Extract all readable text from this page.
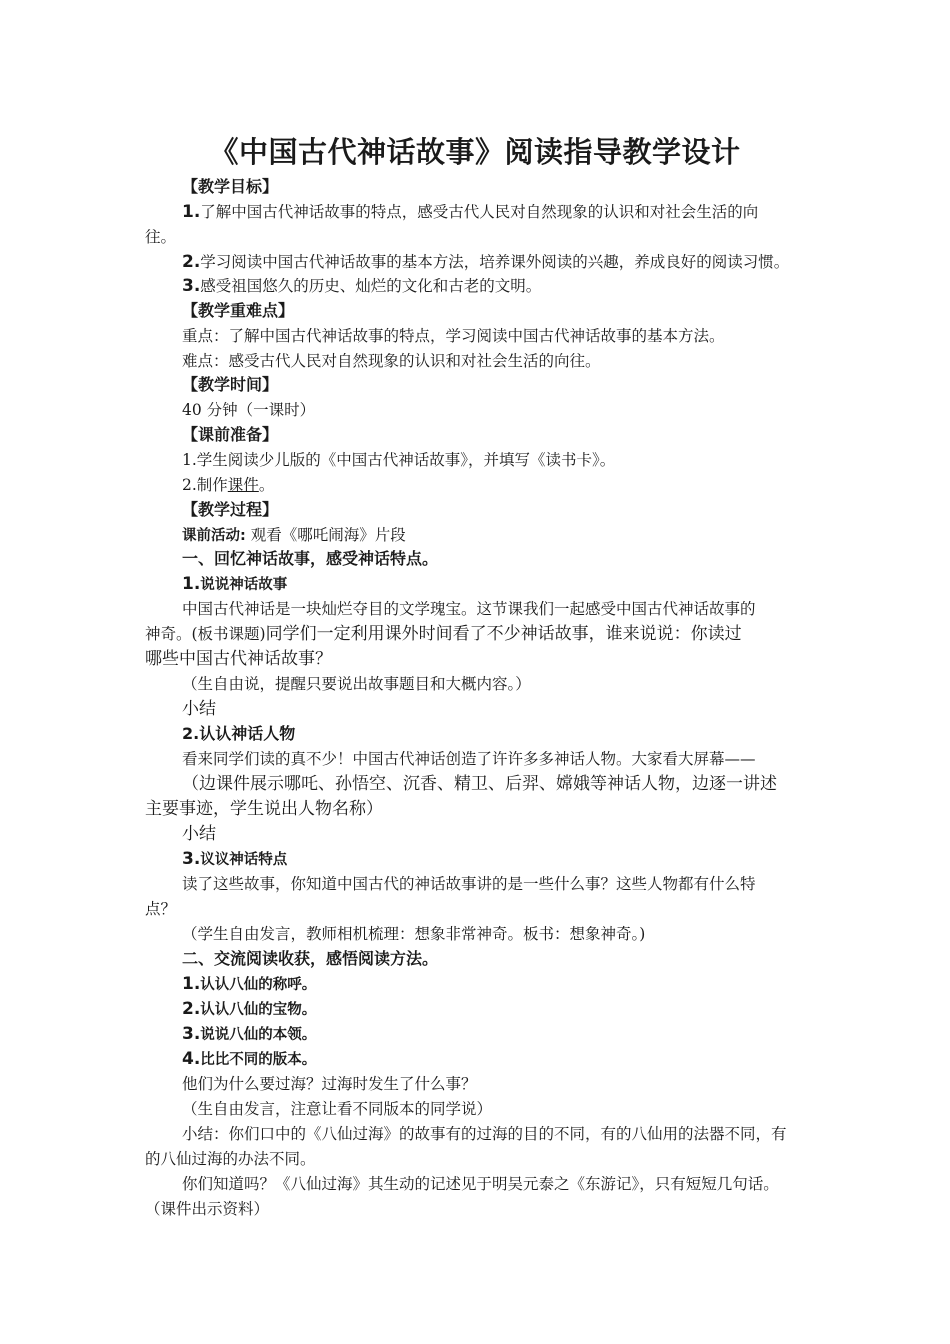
《中国古代神话故事》阅读指导教学设计
【教学目标】
1.了解中国古代神话故事的特点，感受古代人民对自然现象的认识和对社会生活的向
往。
2.学习阅读中国古代神话故事的基本方法，培养课外阅读的兴趣，养成良好的阅读习惯。
3.感受祖国悠久的历史、灿烂的文化和古老的文明。
【教学重难点】
重点：了解中国古代神话故事的特点，学习阅读中国古代神话故事的基本方法。
难点：感受古代人民对自然现象的认识和对社会生活的向往。
【教学时间】
40 分钟（一课时）
【课前准备】
1.学生阅读少儿版的《中国古代神话故事》，并填写《读书卡》。
2.制作课件。
【教学过程】
课前活动: 观看《哪吒闹海》片段
一、回忆神话故事，感受神话特点。
1.说说神话故事
中国古代神话是一块灿烂夺目的文学瑰宝。这节课我们一起感受中国古代神话故事的
神奇。(板书课题)同学们一定利用课外时间看了不少神话故事，谁来说说：你读过
哪些中国古代神话故事？
（生自由说，提醒只要说出故事题目和大概内容。）
小结
2.认认神话人物
看来同学们读的真不少！中国古代神话创造了许许多多神话人物。大家看大屏幕——
（边课件展示哪吒、孙悟空、沉香、精卫、后羿、嫦娥等神话人物，边逐一讲述
主要事迹，学生说出人物名称）
小结
3.议议神话特点
读了这些故事，你知道中国古代的神话故事讲的是一些什么事？这些人物都有什么特
点？
（学生自由发言，教师相机梳理：想象非常神奇。板书：想象神奇。)
二、交流阅读收获，感悟阅读方法。
1.认认八仙的称呼。
2.认认八仙的宝物。
3.说说八仙的本领。
4.比比不同的版本。
他们为什么要过海？过海时发生了什么事？
（生自由发言，注意让看不同版本的同学说）
小结：你们口中的《八仙过海》的故事有的过海的目的不同，有的八仙用的法器不同，有
的八仙过海的办法不同。
你们知道吗？《八仙过海》其生动的记述见于明吴元泰之《东游记》，只有短短几句话。
（课件出示资料）
